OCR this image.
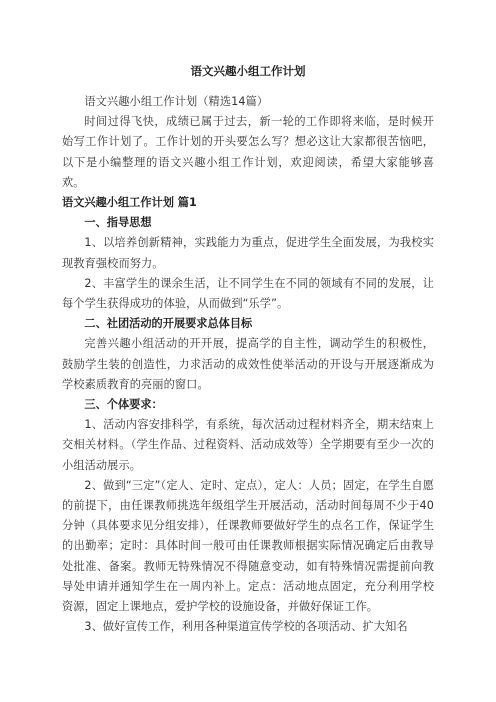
语文兴趣小组工作计划

语文兴趣小组工作计划（精选14篇）

时间过得飞快，成绩已属于过去，新一轮的工作即将来临，是时候开始写工作计划了。工作计划的开头要怎么写？想必这让大家都很苦恼吧，以下是小编整理的语文兴趣小组工作计划，欢迎阅读，希望大家能够喜欢。

语文兴趣小组工作计划 篇1

一、指导思想

1、以培养创新精神，实践能力为重点，促进学生全面发展，为我校实现教育强校而努力。

2、丰富学生的课余生活，让不同学生在不同的领域有不同的发展，让每个学生获得成功的体验，从而做到“乐学”。

二、社团活动的开展要求总体目标

完善兴趣小组活动的开开展，提高学的自主性，调动学生的积极性，鼓励学生装的创造性，力求活动的成效性使举活动的开设与开展逐渐成为学校素质教育的亮丽的窗口。

三、个体要求：

1、活动内容安排科学，有系统，每次活动过程材料齐全，期末结束上交相关材料。（学生作品、过程资料、活动成效等）全学期要有至少一次的小组活动展示。

2、做到“三定”（定人、定时、定点），定人：人员；固定，在学生自愿的前提下，由任课教师挑选年级组学生开展活动，活动时间每周不少于40分钟（具体要求见分组安排），任课教师要做好学生的点名工作，保证学生的出勤率；定时：具体时间一般可由任课教师根据实际情况确定后由教导处批准、备案。教师无特殊情况不得随意变动，如有特殊情况需提前向教导处申请并通知学生在一周内补上。定点：活动地点固定，充分利用学校资源，固定上课地点，爱护学校的设施设备，并做好保证工作。

3、做好宣传工作，利用各种渠道宣传学校的各项活动、扩大知名
